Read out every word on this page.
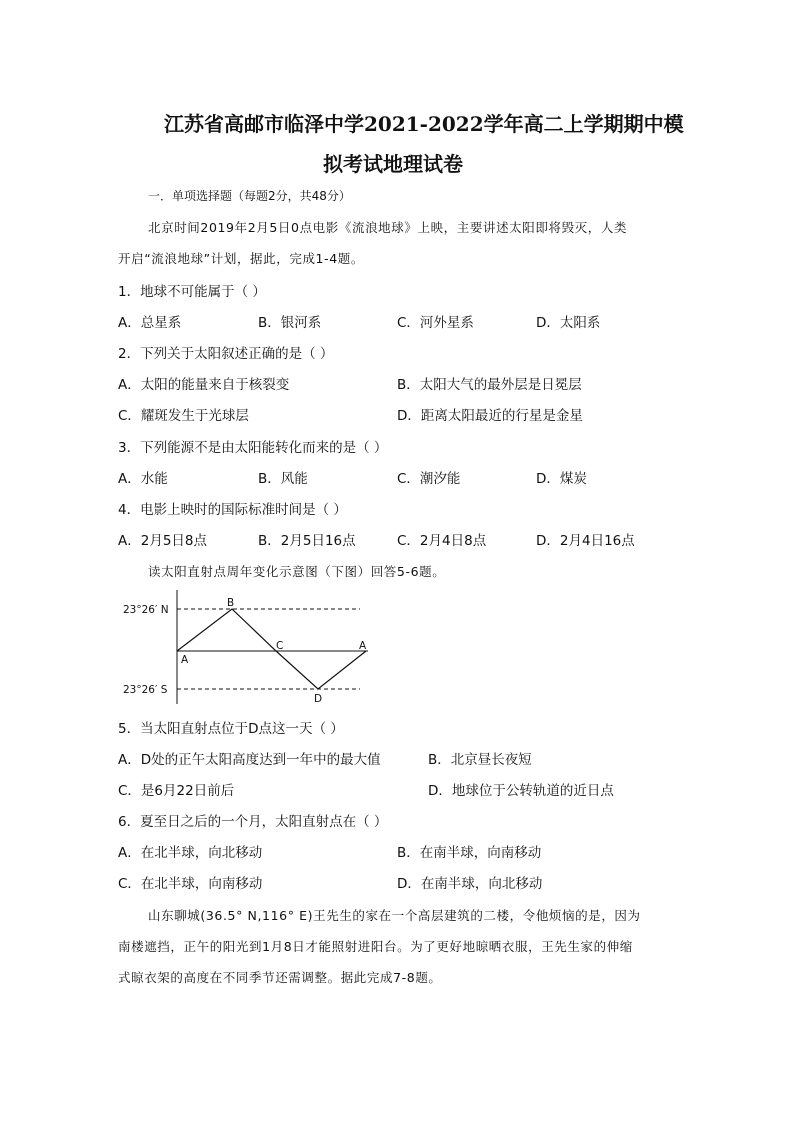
江苏省高邮市临泽中学2021-2022学年高二上学期期中模
拟考试地理试卷
一．单项选择题（每题2分，共48分）
北京时间2019年2月5日0点电影《流浪地球》上映，主要讲述太阳即将毁灭，人类
开启“流浪地球”计划，据此，完成1-4题。
1．地球不可能属于（ ）
A．总星系	B．银河系	C．河外星系	D．太阳系
2．下列关于太阳叙述正确的是（ ）
A．太阳的能量来自于核裂变	B．太阳大气的最外层是日冕层
C．耀斑发生于光球层	D．距离太阳最近的行星是金星
3．下列能源不是由太阳能转化而来的是（ ）
A．水能	B．风能	C．潮汐能	D．煤炭
4．电影上映时的国际标准时间是（ ）
A．2月5日8点	B．2月5日16点	C．2月4日8点	D．2月4日16点
读太阳直射点周年变化示意图（下图）回答5-6题。
23°26′ N
23°26′ S
A
B
C	A
D
5．当太阳直射点位于D点这一天（ ）
A．D处的正午太阳高度达到一年中的最大值	B．北京昼长夜短
C．是6月22日前后	D．地球位于公转轨道的近日点
6．夏至日之后的一个月，太阳直射点在（ ）
A．在北半球，向北移动	B．在南半球，向南移动
C．在北半球，向南移动	D．在南半球，向北移动
山东聊城(36.5° N,116° E)王先生的家在一个高层建筑的二楼，令他烦恼的是，因为
南楼遮挡，正午的阳光到1月8日才能照射进阳台。为了更好地晾晒衣服，王先生家的伸缩
式晾衣架的高度在不同季节还需调整。据此完成7-8题。
